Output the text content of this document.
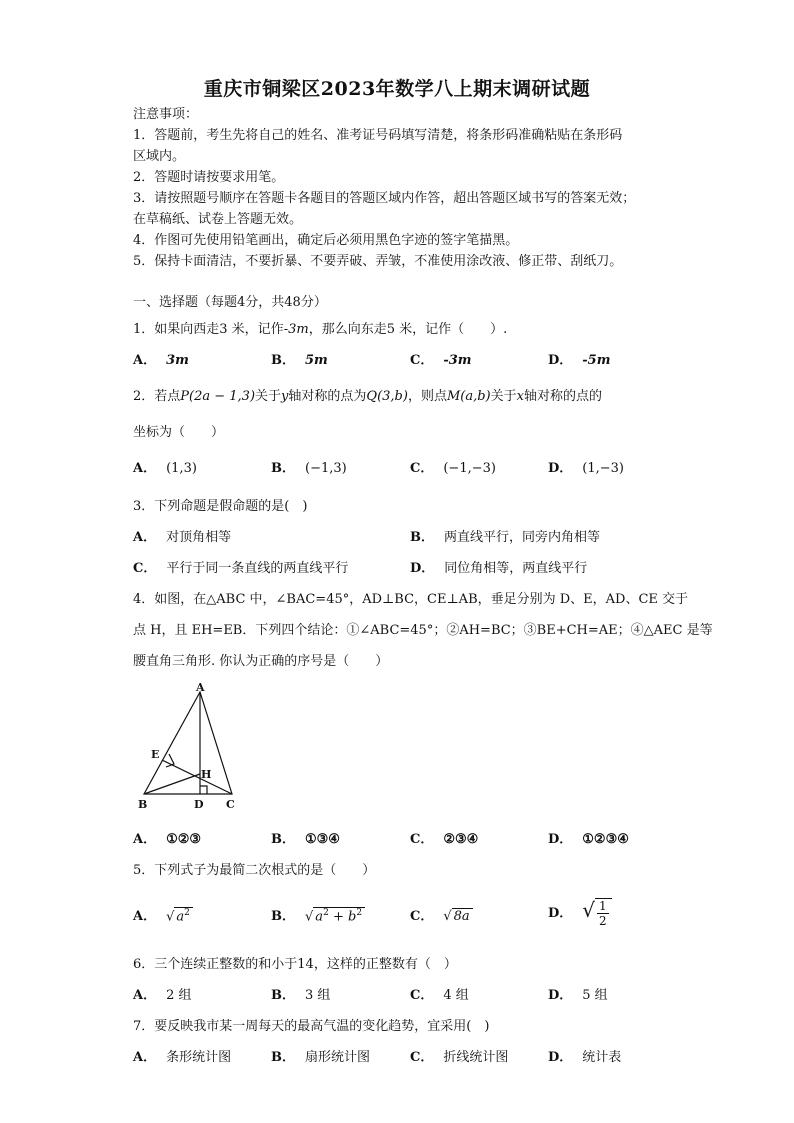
重庆市铜梁区2023年数学八上期末调研试题
注意事项：
1．答题前，考生先将自己的姓名、准考证号码填写清楚，将条形码准确粘贴在条形码
区域内。
2．答题时请按要求用笔。
3．请按照题号顺序在答题卡各题目的答题区域内作答，超出答题区域书写的答案无效；
在草稿纸、试卷上答题无效。
4．作图可先使用铅笔画出，确定后必须用黑色字迹的签字笔描黑。
5．保持卡面清洁，不要折暴、不要弄破、弄皱，不准使用涂改液、修正带、刮纸刀。
一、选择题（每题4分，共48分）
1．如果向西走3 米，记作-3m，那么向东走5 米，记作（　　）.
A． 3m	B． 5m	C． -3m	D． -5m
2．若点P(2a − 1,3)关于y轴对称的点为Q(3,b)，则点M(a,b)关于x轴对称的点的
坐标为（　　）
A． (1,3)	B． (−1,3)	C． (−1,−3)	D． (1,−3)
3．下列命题是假命题的是(　)
A． 对顶角相等	B． 两直线平行，同旁内角相等
C． 平行于同一条直线的两直线平行	D． 同位角相等，两直线平行
4．如图，在△ABC 中，∠BAC=45°，AD⊥BC，CE⊥AB，垂足分别为 D、E，AD、CE 交于
点 H，且 EH=EB．下列四个结论：①∠ABC=45°；②AH=BC；③BE+CH=AE；④△AEC 是等
腰直角三角形. 你认为正确的序号是（　　）
A
B	C
D
E
H
A． ①②③	B． ①③④	C． ②③④	D． ①②③④
5．下列式子为最简二次根式的是（　　）
A． √ $a^2$	B． √ $a^2 + b^2$	C． √ 8a	D． √ $\frac{1}{2}$
6．三个连续正整数的和小于14，这样的正整数有（　）
A． 2 组	B． 3 组	C． 4 组	D． 5 组
7．要反映我市某一周每天的最高气温的变化趋势，宜采用(　)
A． 条形统计图	B． 扇形统计图	C． 折线统计图	D． 统计表
